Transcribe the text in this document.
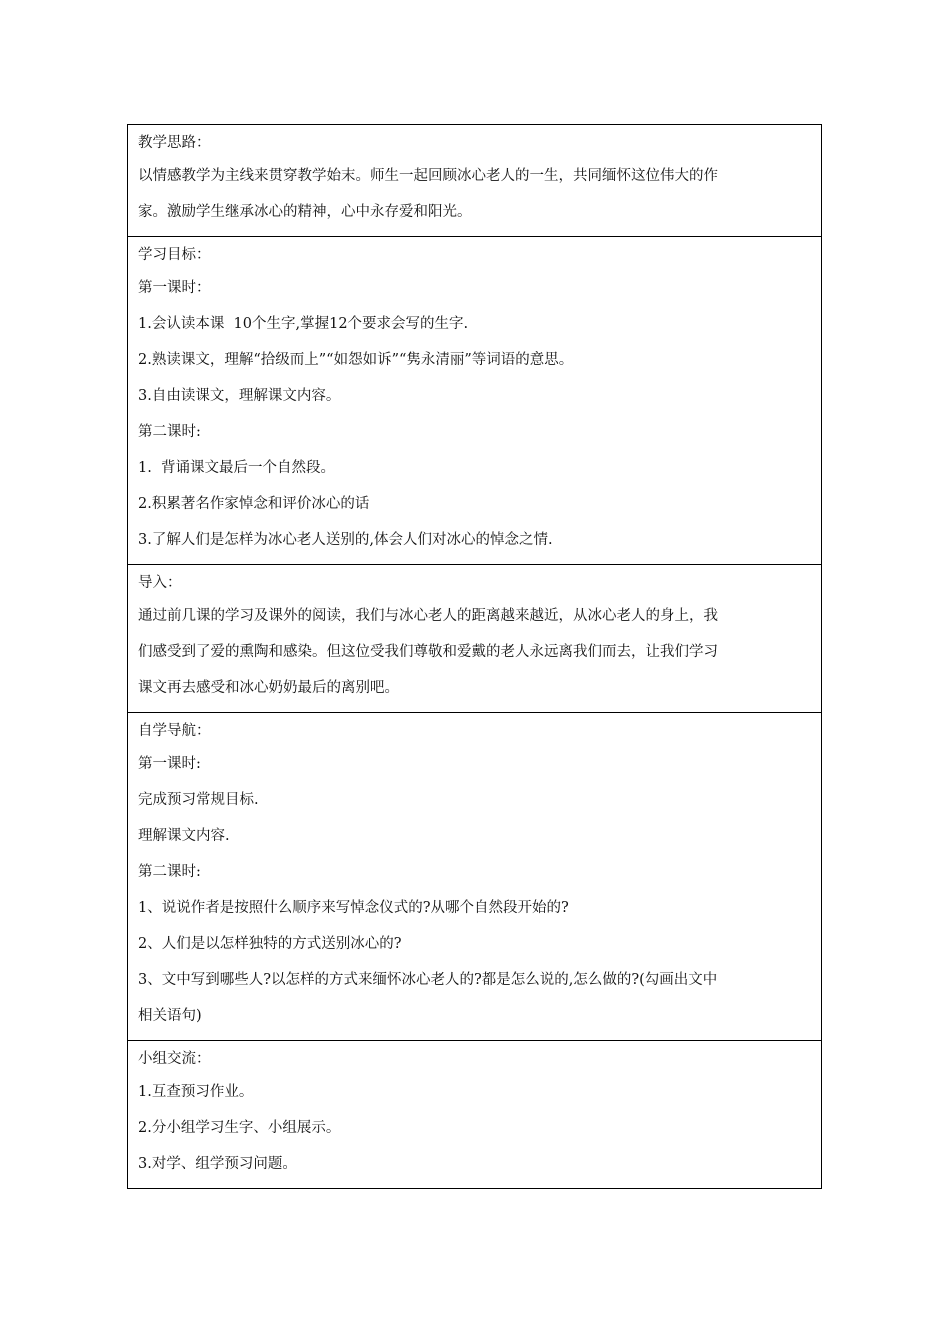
教学思路：
以情感教学为主线来贯穿教学始末。师生一起回顾冰心老人的一生，共同缅怀这位伟大的作
家。激励学生继承冰心的精神，心中永存爱和阳光。
学习目标：
第一课时：
1.会认读本课  10个生字,掌握12个要求会写的生字.
2.熟读课文，理解“拾级而上”“如怨如诉”“隽永清丽”等词语的意思。
3.自由读课文，理解课文内容。
第二课时:
1.  背诵课文最后一个自然段。
2.积累著名作家悼念和评价冰心的话
3.了解人们是怎样为冰心老人送别的,体会人们对冰心的悼念之情.
导入：
通过前几课的学习及课外的阅读，我们与冰心老人的距离越来越近，从冰心老人的身上，我
们感受到了爱的熏陶和感染。但这位受我们尊敬和爱戴的老人永远离我们而去，让我们学习
课文再去感受和冰心奶奶最后的离别吧。
自学导航：
第一课时:
完成预习常规目标.
理解课文内容.
第二课时:
1、说说作者是按照什么顺序来写悼念仪式的?从哪个自然段开始的?
2、人们是以怎样独特的方式送别冰心的?
3、文中写到哪些人?以怎样的方式来缅怀冰心老人的?都是怎么说的,怎么做的?(勾画出文中
相关语句)
小组交流：
1.互查预习作业。
2.分小组学习生字、小组展示。
3.对学、组学预习问题。
